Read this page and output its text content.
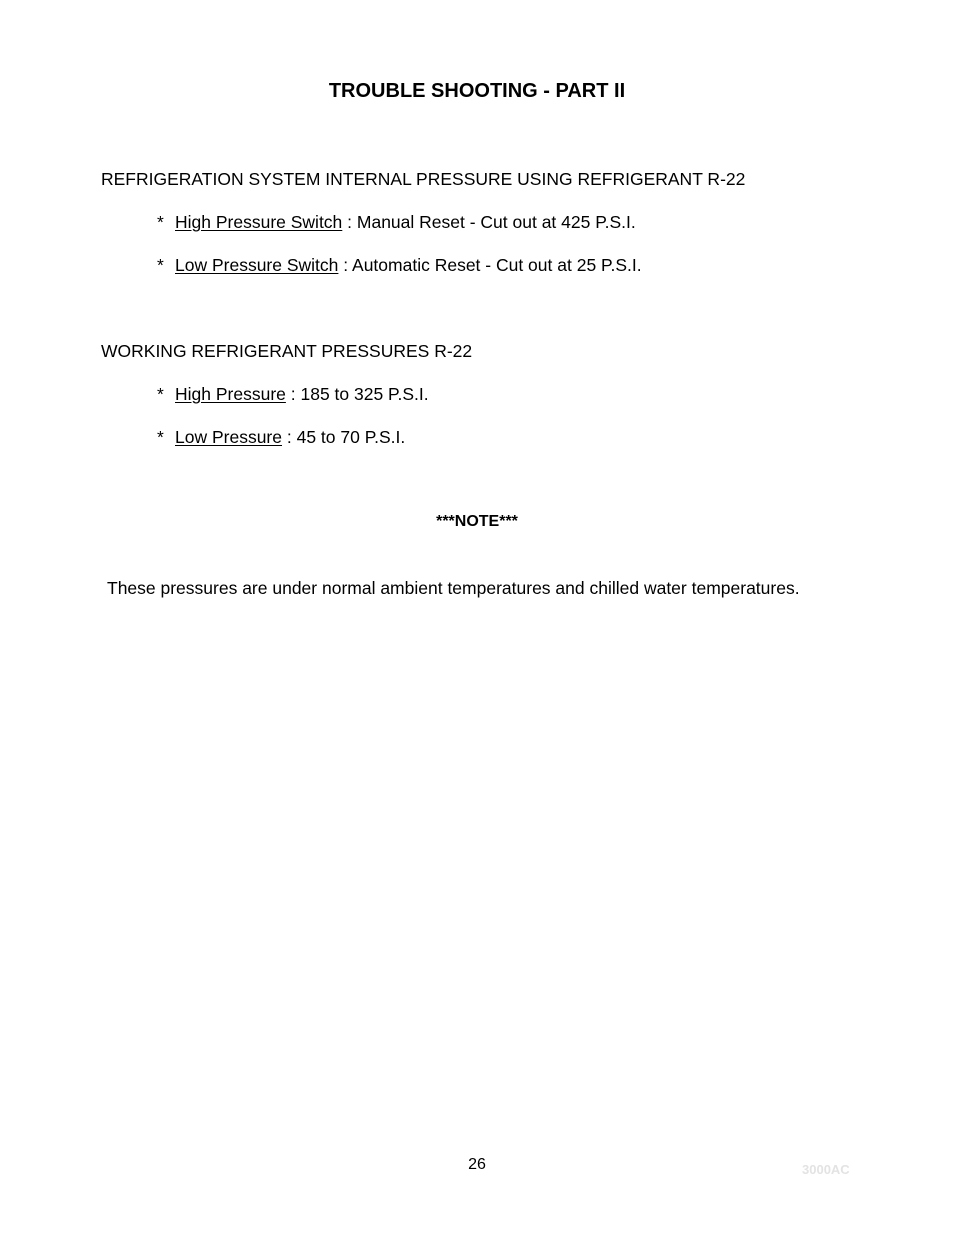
TROUBLE SHOOTING - PART II
REFRIGERATION SYSTEM INTERNAL PRESSURE USING REFRIGERANT R-22
* High Pressure Switch : Manual Reset - Cut out at 425 P.S.I.
* Low Pressure Switch : Automatic Reset - Cut out at 25 P.S.I.
WORKING REFRIGERANT PRESSURES R-22
* High Pressure : 185 to 325 P.S.I.
* Low Pressure : 45 to 70 P.S.I.
***NOTE***
These pressures are under normal ambient temperatures and chilled water temperatures.
26	3000AC
